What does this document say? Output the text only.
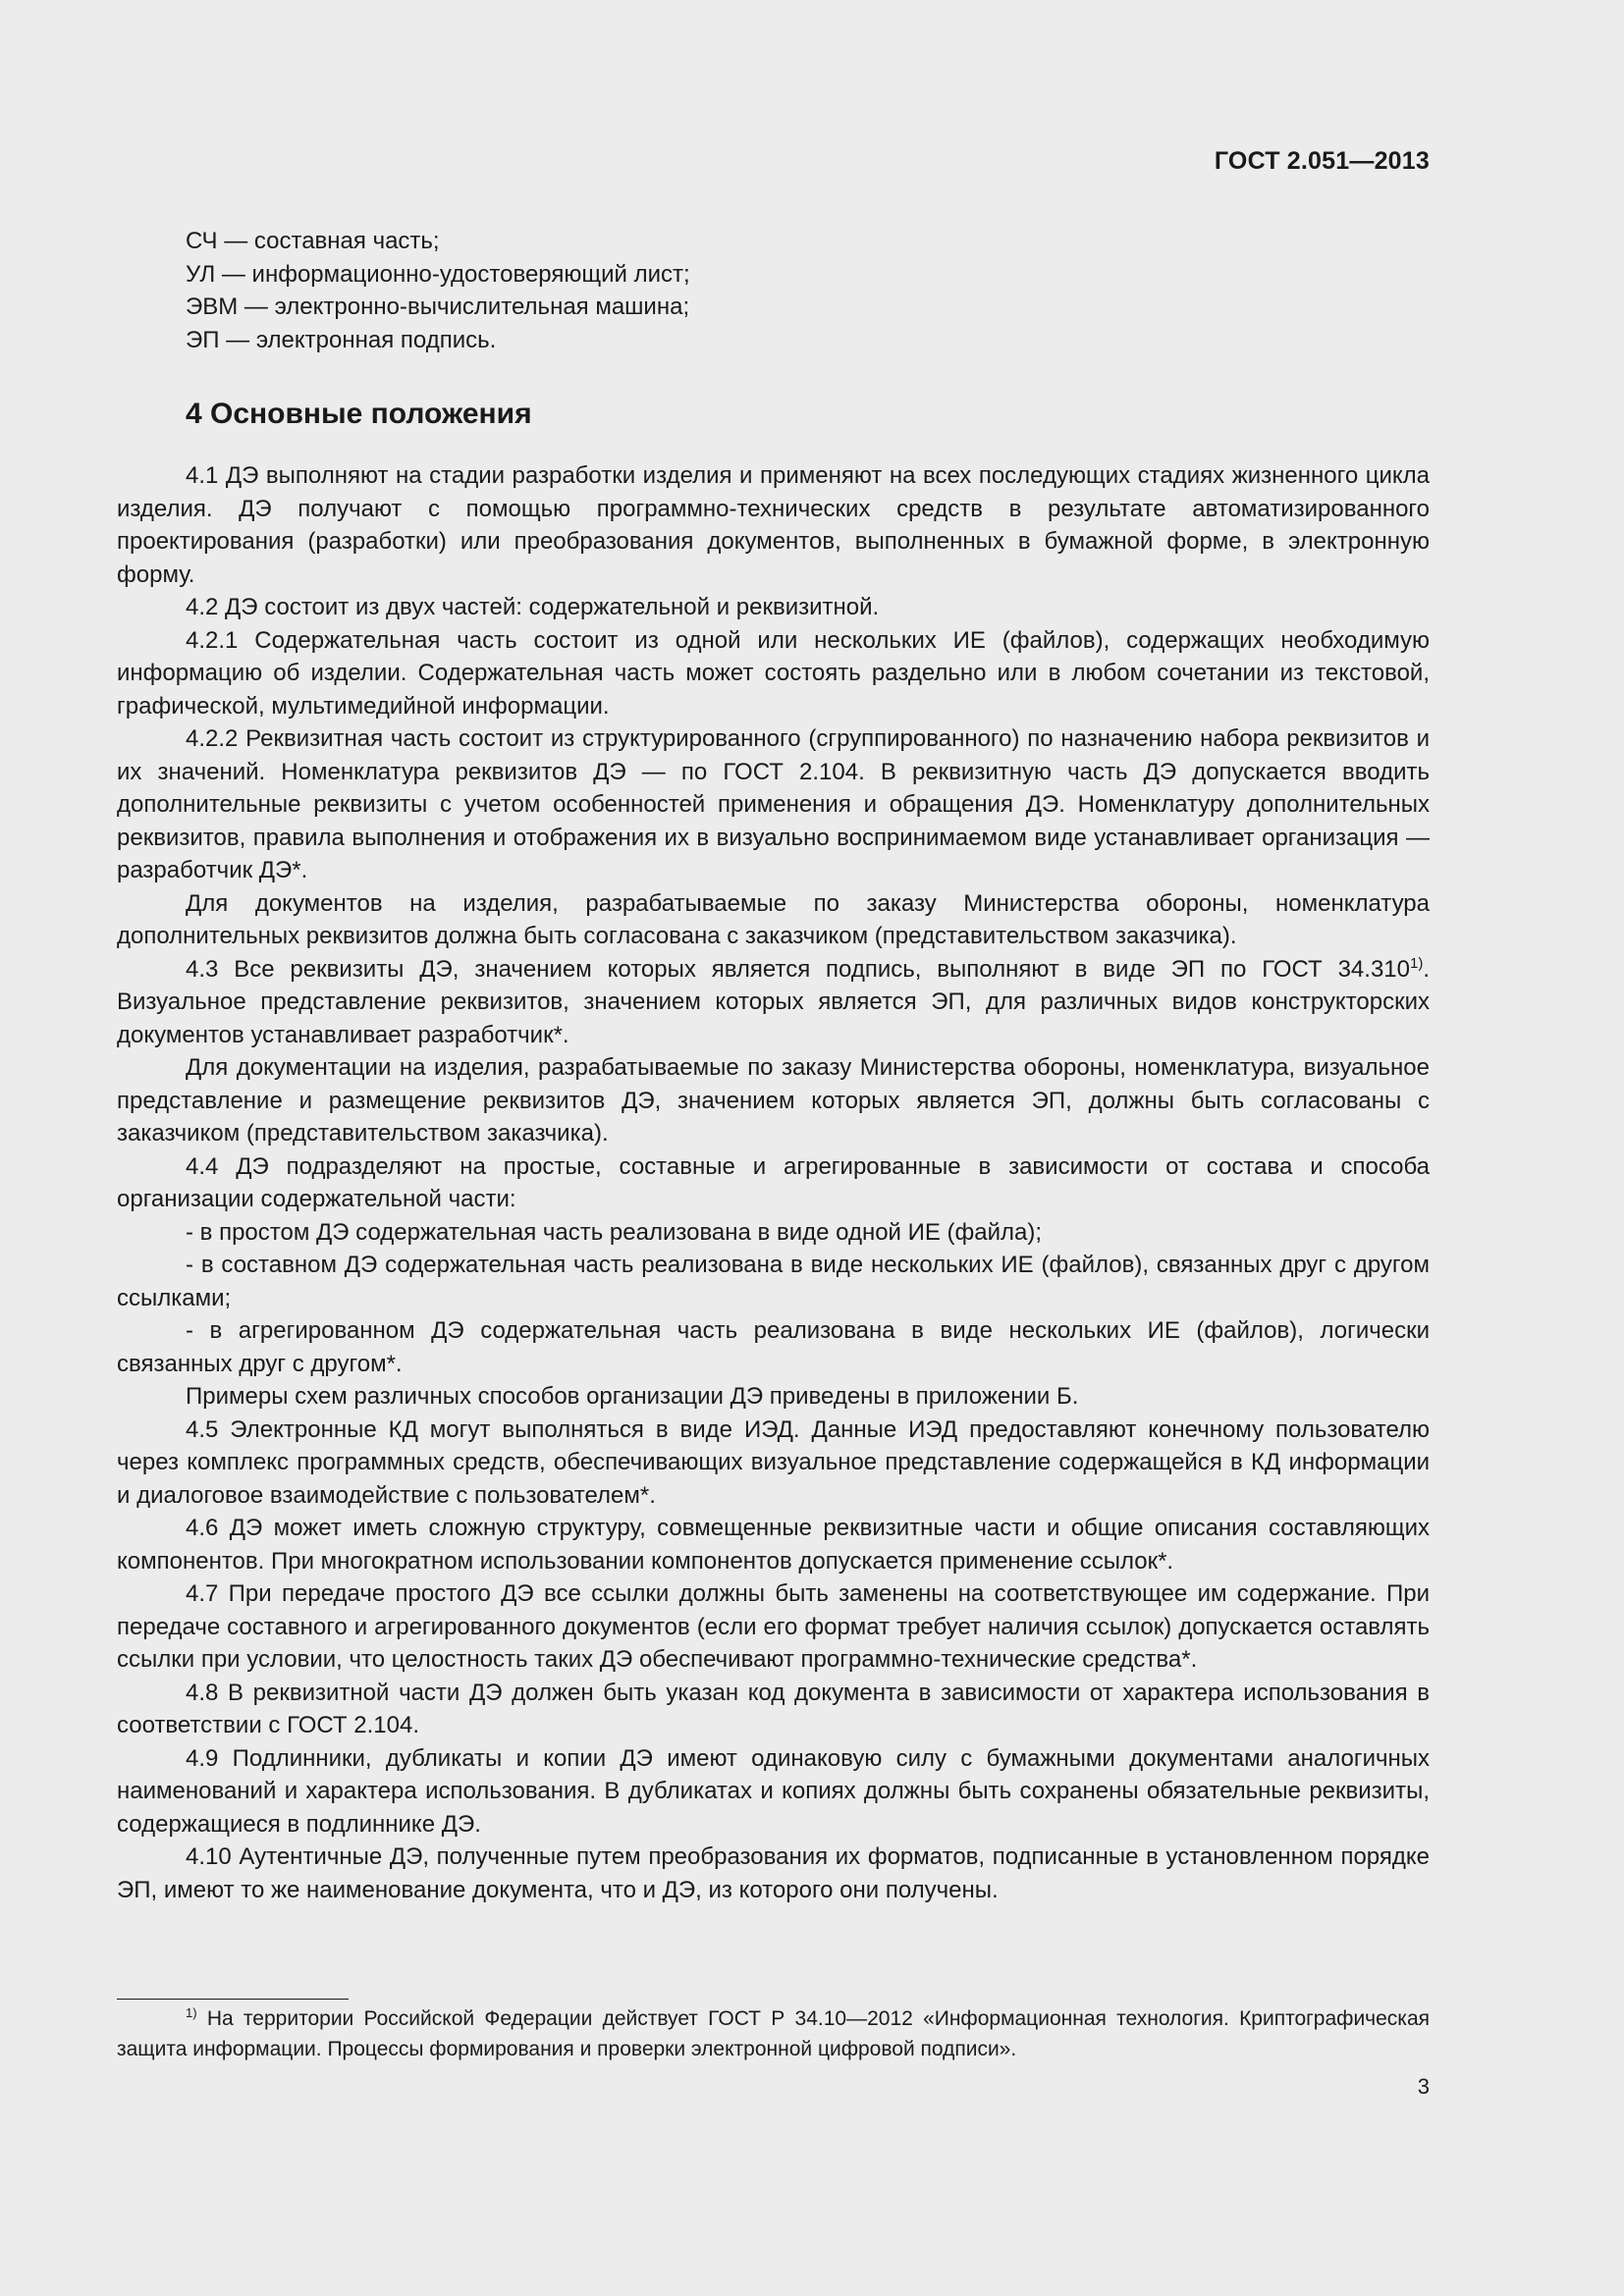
ГОСТ 2.051—2013
СЧ — составная часть;
УЛ — информационно-удостоверяющий лист;
ЭВМ — электронно-вычислительная машина;
ЭП — электронная подпись.
4 Основные положения

4.1 ДЭ выполняют на стадии разработки изделия и применяют на всех последующих стадиях жизненного цикла изделия. ДЭ получают с помощью программно-технических средств в результате автоматизированного проектирования (разработки) или преобразования документов, выполненных в бумажной форме, в электронную форму.

4.2 ДЭ состоит из двух частей: содержательной и реквизитной.

4.2.1 Содержательная часть состоит из одной или нескольких ИЕ (файлов), содержащих необходимую информацию об изделии. Содержательная часть может состоять раздельно или в любом сочетании из текстовой, графической, мультимедийной информации.

4.2.2 Реквизитная часть состоит из структурированного (сгруппированного) по назначению набора реквизитов и их значений. Номенклатура реквизитов ДЭ — по ГОСТ 2.104. В реквизитную часть ДЭ допускается вводить дополнительные реквизиты с учетом особенностей применения и обращения ДЭ. Номенклатуру дополнительных реквизитов, правила выполнения и отображения их в визуально воспринимаемом виде устанавливает организация — разработчик ДЭ*.

Для документов на изделия, разрабатываемые по заказу Министерства обороны, номенклатура дополнительных реквизитов должна быть согласована с заказчиком (представительством заказчика).

4.3 Все реквизиты ДЭ, значением которых является подпись, выполняют в виде ЭП по ГОСТ 34.310$^{1)}$. Визуальное представление реквизитов, значением которых является ЭП, для различных видов конструкторских документов устанавливает разработчик*.

Для документации на изделия, разрабатываемые по заказу Министерства обороны, номенклатура, визуальное представление и размещение реквизитов ДЭ, значением которых является ЭП, должны быть согласованы с заказчиком (представительством заказчика).

4.4 ДЭ подразделяют на простые, составные и агрегированные в зависимости от состава и способа организации содержательной части:

- в простом ДЭ содержательная часть реализована в виде одной ИЕ (файла);

- в составном ДЭ содержательная часть реализована в виде нескольких ИЕ (файлов), связанных друг с другом ссылками;

- в агрегированном ДЭ содержательная часть реализована в виде нескольких ИЕ (файлов), логически связанных друг с другом*.

Примеры схем различных способов организации ДЭ приведены в приложении Б.

4.5 Электронные КД могут выполняться в виде ИЭД. Данные ИЭД предоставляют конечному пользователю через комплекс программных средств, обеспечивающих визуальное представление содержащейся в КД информации и диалоговое взаимодействие с пользователем*.

4.6 ДЭ может иметь сложную структуру, совмещенные реквизитные части и общие описания составляющих компонентов. При многократном использовании компонентов допускается применение ссылок*.

4.7 При передаче простого ДЭ все ссылки должны быть заменены на соответствующее им содержание. При передаче составного и агрегированного документов (если его формат требует наличия ссылок) допускается оставлять ссылки при условии, что целостность таких ДЭ обеспечивают программно-технические средства*.

4.8 В реквизитной части ДЭ должен быть указан код документа в зависимости от характера использования в соответствии с ГОСТ 2.104.

4.9 Подлинники, дубликаты и копии ДЭ имеют одинаковую силу с бумажными документами аналогичных наименований и характера использования. В дубликатах и копиях должны быть сохранены обязательные реквизиты, содержащиеся в подлиннике ДЭ.

4.10 Аутентичные ДЭ, полученные путем преобразования их форматов, подписанные в установленном порядке ЭП, имеют то же наименование документа, что и ДЭ, из которого они получены.

$^{1)}$ На территории Российской Федерации действует ГОСТ Р 34.10—2012 «Информационная технология. Криптографическая защита информации. Процессы формирования и проверки электронной цифровой подписи».
3
